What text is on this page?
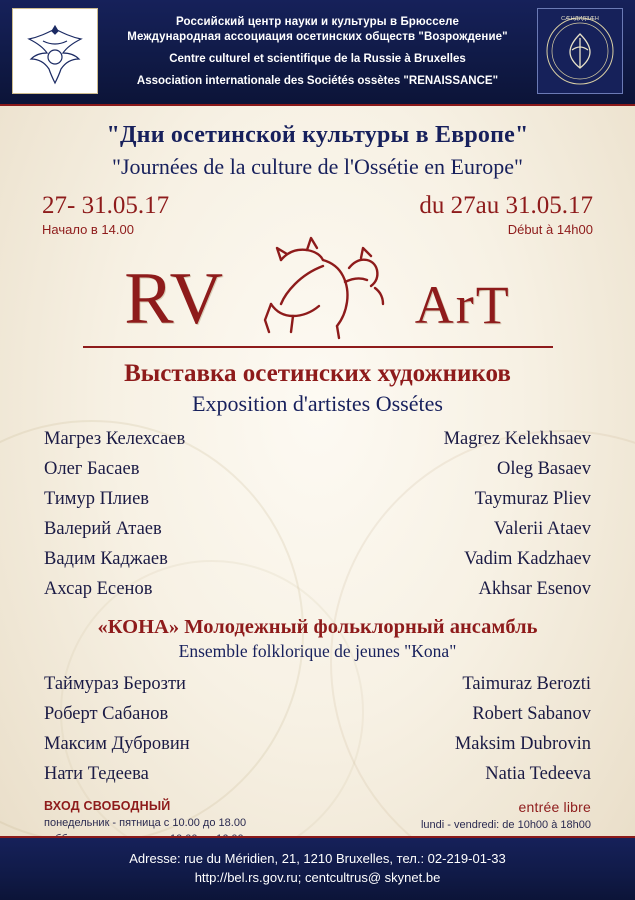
Российский центр науки и культуры в Брюсселе
Международная ассоциация осетинских обществ "Возрождение"
Centre culturel et scientifique de la Russie à Bruxelles
Association internationale des Sociétés ossètes "RENAISSANCE"
СÆНДИДЗÆН
"Дни осетинской культуры в Европе"
"Journées de la culture de l'Ossétie en Europe"
27- 31.05.17
Начало в 14.00
du 27au 31.05.17
Début à 14h00
RV	ArT
Выставка осетинских художников
Exposition d'artistes Ossétes
Магрез Келехсаев	Magrez Kelekhsaev
Олег Басаев	Oleg Basaev
Тимур Плиев	Taymuraz Pliev
Валерий Атаев	Valerii Ataev
Вадим Каджаев	Vadim Kadzhaev
Ахсар Есенов	Akhsar Esenov
«КОНА» Молодежный фольклорный ансамбль
Ensemble folklorique de jeunes "Kona"
Таймураз Берозти	Taimuraz Berozti
Роберт Сабанов	Robert Sabanov
Максим Дубровин	Maksim Dubrovin
Нати Тедеева	Natia Tedeeva
ВХОД СВОБОДНЫЙ
понедельник - пятница с 10.00 до 18.00
entrée libre
lundi - vendredi: de 10h00 à 18h00
Adresse: rue du Méridien, 21, 1210 Bruxelles, тел.: 02-219-01-33
http://bel.rs.gov.ru; centcultrus@ skynet.be
